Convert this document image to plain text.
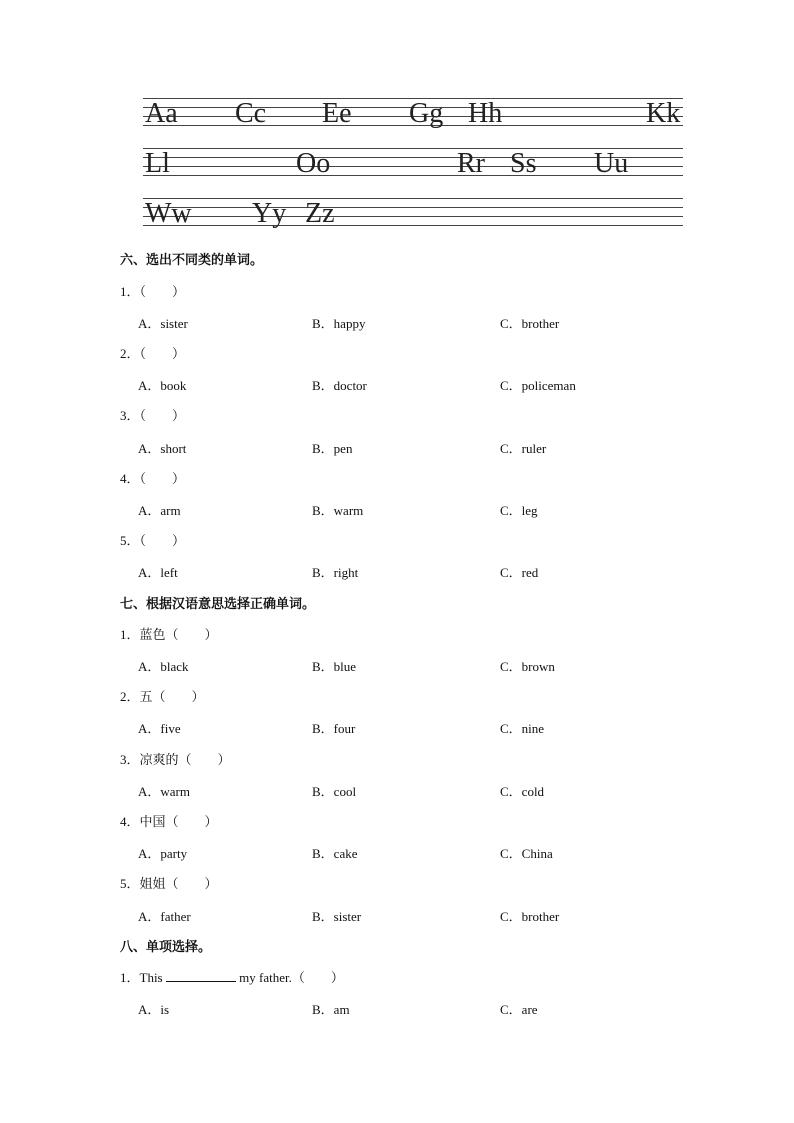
Aa Cc Ee Gg Hh	Kk
Ll	Oo	Rr Ss Uu
Ww Yy Zz
六、选出不同类的单词。
1．（　　）
A．sister	B．happy	C．brother
2．（　　）
A．book	B．doctor	C．policeman
3．（　　）
A．short	B．pen	C．ruler
4．（　　）
A．arm	B．warm	C．leg
5．（　　）
A．left	B．right	C．red
七、根据汉语意思选择正确单词。
1．蓝色（　　）
A．black	B．blue	C．brown
2．五（　　）
A．five	B．four	C．nine
3．凉爽的（　　）
A．warm	B．cool	C．cold
4．中国（　　）
A．party	B．cake	C．China
5．姐姐（　　）
A．father	B．sister	C．brother
八、单项选择。
1．This	my father.（　　）
A．is	B．am	C．are
